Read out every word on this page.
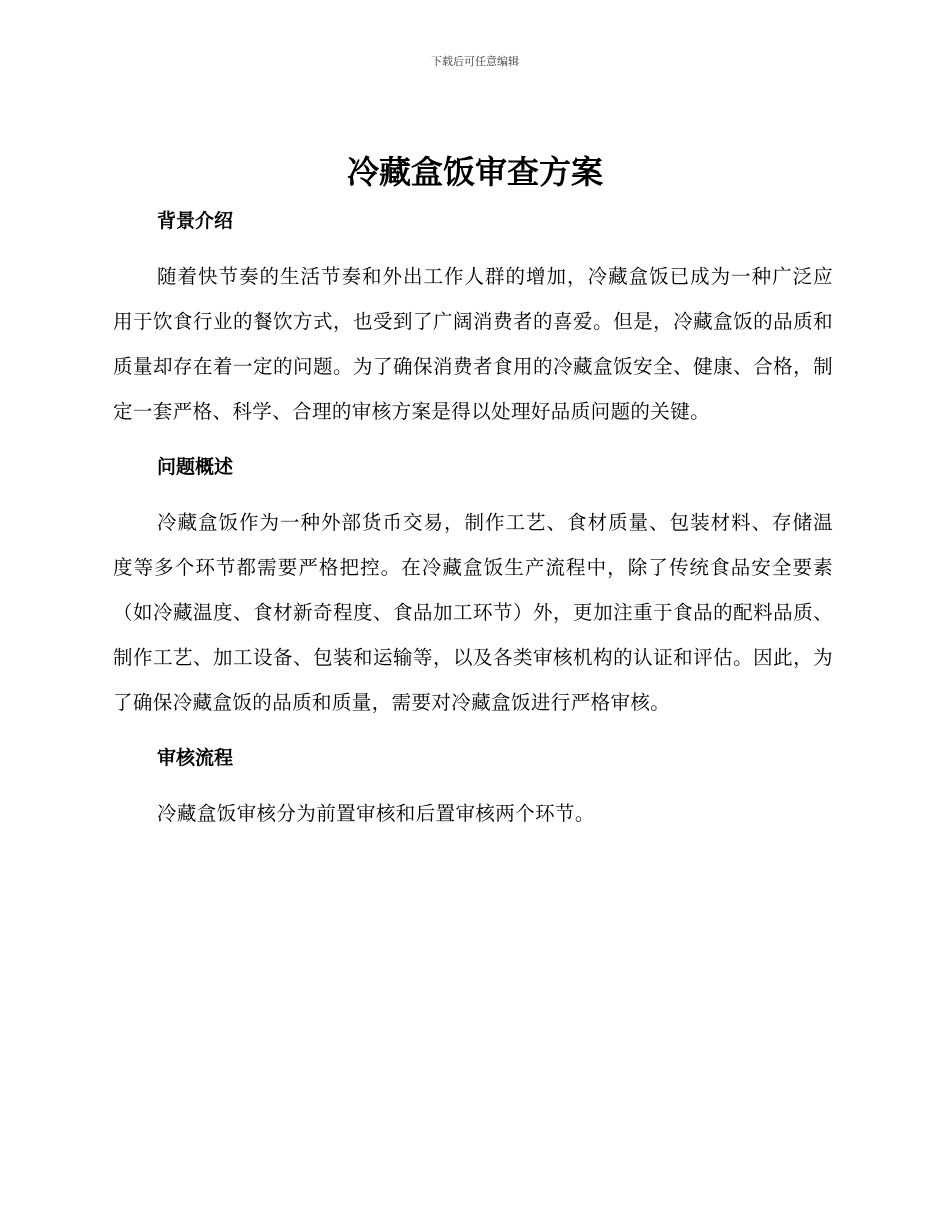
下载后可任意编辑
冷藏盒饭审查方案
背景介绍

随着快节奏的生活节奏和外出工作人群的增加，冷藏盒饭已成为一种广泛应用于饮食行业的餐饮方式，也受到了广阔消费者的喜爱。但是，冷藏盒饭的品质和质量却存在着一定的问题。为了确保消费者食用的冷藏盒饭安全、健康、合格，制定一套严格、科学、合理的审核方案是得以处理好品质问题的关键。

问题概述

冷藏盒饭作为一种外部货币交易，制作工艺、食材质量、包装材料、存储温度等多个环节都需要严格把控。在冷藏盒饭生产流程中，除了传统食品安全要素（如冷藏温度、食材新奇程度、食品加工环节）外，更加注重于食品的配料品质、制作工艺、加工设备、包装和运输等，以及各类审核机构的认证和评估。因此，为了确保冷藏盒饭的品质和质量，需要对冷藏盒饭进行严格审核。

审核流程

冷藏盒饭审核分为前置审核和后置审核两个环节。
